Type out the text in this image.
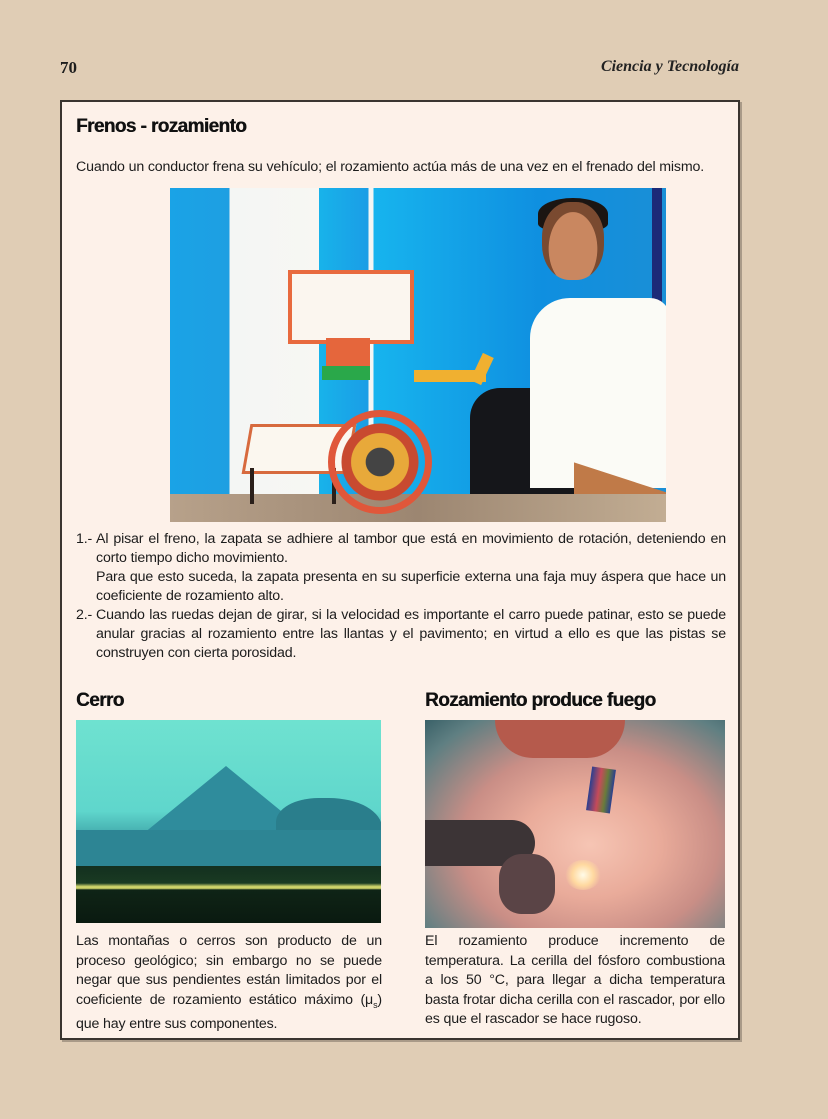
70	Ciencia y Tecnología
Frenos - rozamiento
Cuando un conductor frena su vehículo; el rozamiento actúa más de una vez en el frenado del mismo.
1.- Al pisar el freno, la zapata se adhiere al tambor que está en movimiento de rotación, deteniendo en corto tiempo dicho movimiento.
Para que esto suceda, la zapata presenta en su superficie externa una faja muy áspera que hace un coeficiente de rozamiento alto.
2.- Cuando las ruedas dejan de girar, si la velocidad es importante el carro puede patinar, esto se puede anular gracias al rozamiento entre las llantas y el pavimento; en virtud a ello es que las pistas se construyen con cierta porosidad.
Cerro
Las montañas o cerros son producto de un proceso geológico; sin embargo no se puede negar que sus pendientes están limitados por el coeficiente de rozamiento estático máximo $(\mu_s)$ que hay entre sus componentes.
Rozamiento produce fuego
El rozamiento produce incremento de temperatura. La cerilla del fósforo combustiona a los 50 °C, para llegar a dicha temperatura basta frotar dicha cerilla con el rascador, por ello es que el rascador se hace rugoso.
